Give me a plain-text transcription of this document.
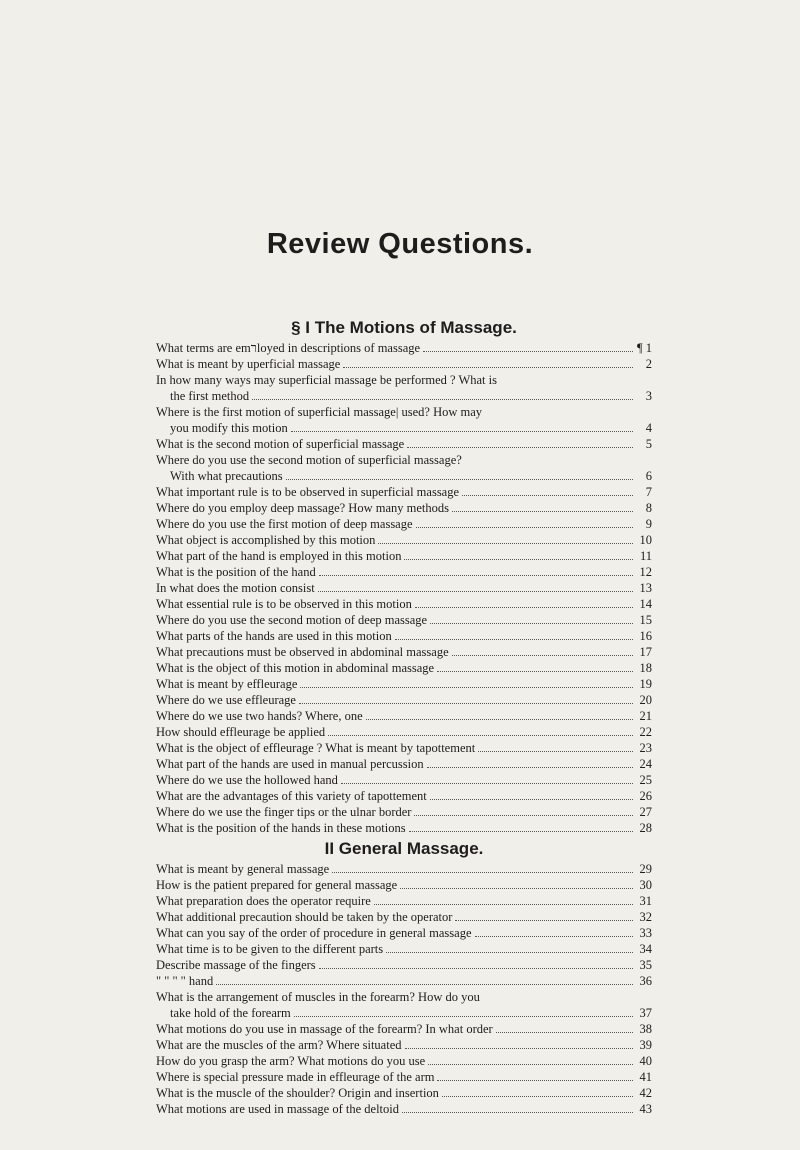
Review Questions.
§ I The Motions of Massage.
What terms are emרloyed in descriptions of massage	¶ 1
What is meant by uperficial massage	2
In how many ways may superficial massage be performed ? What is
the first method	3
Where is the first motion of superficial massage| used? How may
you modify this motion	4
What is the second motion of superficial massage	5
Where do you use the second motion of superficial massage?
With what precautions	6
What important rule is to be observed in superficial massage	7
Where do you employ deep massage? How many methods	8
Where do you use the first motion of deep massage	9
What object is accomplished by this motion	10
What part of the hand is employed in this motion	11
What is the position of the hand	12
In what does the motion consist	13
What essential rule is to be observed in this motion	14
Where do you use the second motion of deep massage	15
What parts of the hands are used in this motion	16
What precautions must be observed in abdominal massage	17
What is the object of this motion in abdominal massage	18
What is meant by effleurage	19
Where do we use effleurage	20
Where do we use two hands? Where, one	21
How should effleurage be applied	22
What is the object of effleurage ? What is meant by tapottement	23
What part of the hands are used in manual percussion	24
Where do we use the hollowed hand	25
What are the advantages of this variety of tapottement	26
Where do we use the finger tips or the ulnar border	27
What is the position of the hands in these motions	28
II General Massage.
What is meant by general massage	29
How is the patient prepared for general massage	30
What preparation does the operator require	31
What additional precaution should be taken by the operator	32
What can you say of the order of procedure in general massage	33
What time is to be given to the different parts	34
Describe massage of the fingers	35
" " " " hand	36
What is the arrangement of muscles in the forearm? How do you
take hold of the forearm	37
What motions do you use in massage of the forearm? In what order	38
What are the muscles of the arm? Where situated	39
How do you grasp the arm? What motions do you use	40
Where is special pressure made in effleurage of the arm	41
What is the muscle of the shoulder? Origin and insertion	42
What motions are used in massage of the deltoid	43
